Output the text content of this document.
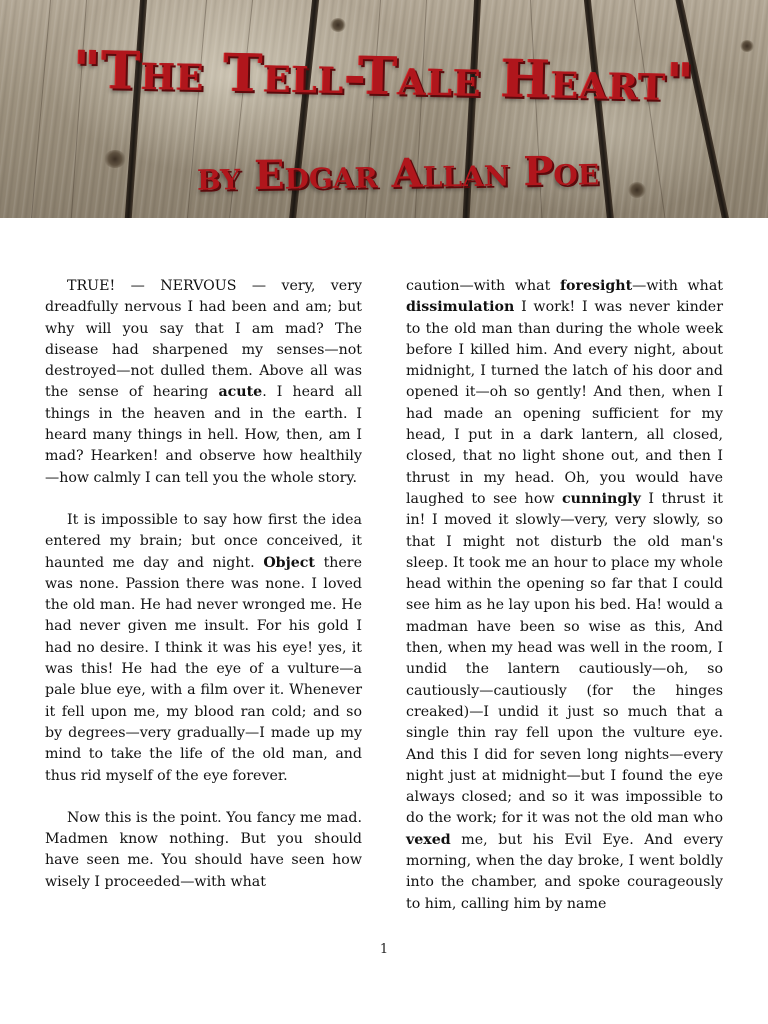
"The Tell-Tale Heart"
by Edgar Allan Poe

TRUE! — NERVOUS — very, very dreadfully nervous I had been and am; but why will you say that I am mad? The disease had sharpened my senses—not destroyed—not dulled them. Above all was the sense of hearing acute. I heard all things in the heaven and in the earth. I heard many things in hell. How, then, am I mad? Hearken! and observe how healthily—how calmly I can tell you the whole story.

It is impossible to say how first the idea entered my brain; but once conceived, it haunted me day and night. Object there was none. Passion there was none. I loved the old man. He had never wronged me. He had never given me insult. For his gold I had no desire. I think it was his eye! yes, it was this! He had the eye of a vulture—a pale blue eye, with a film over it. Whenever it fell upon me, my blood ran cold; and so by degrees—very gradually—I made up my mind to take the life of the old man, and thus rid myself of the eye forever.

Now this is the point. You fancy me mad. Madmen know nothing. But you should have seen me. You should have seen how wisely I proceeded—with what

caution—with what foresight—with what dissimulation I work! I was never kinder to the old man than during the whole week before I killed him. And every night, about midnight, I turned the latch of his door and opened it—oh so gently! And then, when I had made an opening sufficient for my head, I put in a dark lantern, all closed, closed, that no light shone out, and then I thrust in my head. Oh, you would have laughed to see how cunningly I thrust it in! I moved it slowly—very, very slowly, so that I might not disturb the old man's sleep. It took me an hour to place my whole head within the opening so far that I could see him as he lay upon his bed. Ha! would a madman have been so wise as this, And then, when my head was well in the room, I undid the lantern cautiously—oh, so cautiously—cautiously (for the hinges creaked)—I undid it just so much that a single thin ray fell upon the vulture eye. And this I did for seven long nights—every night just at midnight—but I found the eye always closed; and so it was impossible to do the work; for it was not the old man who vexed me, but his Evil Eye. And every morning, when the day broke, I went boldly into the chamber, and spoke courageously to him, calling him by name

1
